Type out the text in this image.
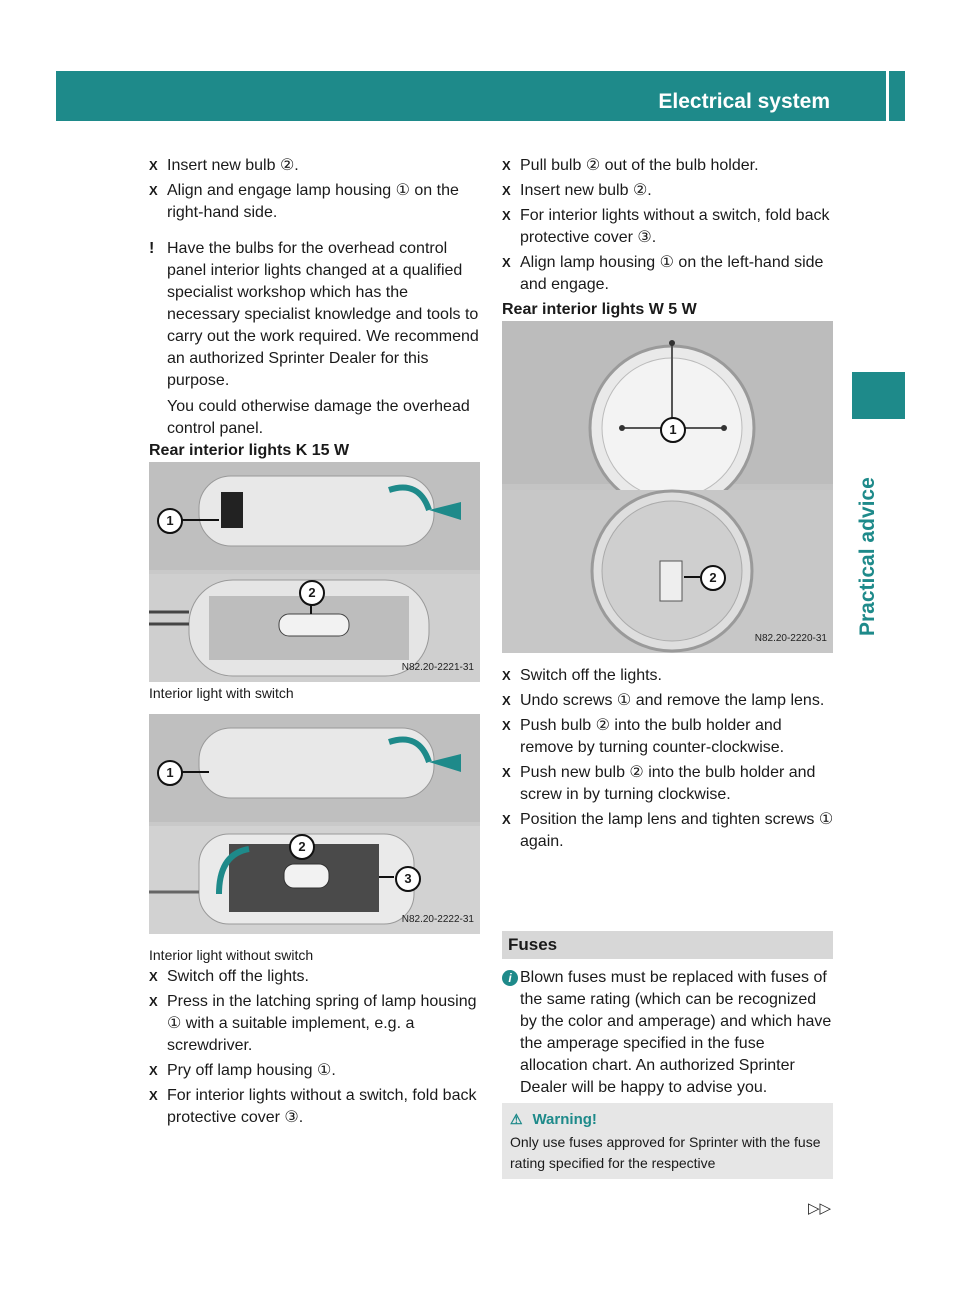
Electrical system	239
Practical advice
X Insert new bulb ②.
X Align and engage lamp housing ① on the right-hand side.
! Have the bulbs for the overhead control panel interior lights changed at a qualified specialist workshop which has the necessary specialist knowledge and tools to carry out the work required. We recommend an authorized Sprinter Dealer for this purpose.

You could otherwise damage the overhead control panel.

Rear interior lights K 15 W

1
2
N82.20-2221-31

Interior light with switch

1
2
3
N82.20-2222-31

Interior light without switch

X Switch off the lights.
X Press in the latching spring of lamp housing ① with a suitable implement, e.g. a screwdriver.
X Pry off lamp housing ①.
X For interior lights without a switch, fold back protective cover ③.
X Pull bulb ② out of the bulb holder.
X Insert new bulb ②.
X For interior lights without a switch, fold back protective cover ③.
X Align lamp housing ① on the left-hand side and engage.

Rear interior lights W 5 W

1
2
N82.20-2220-31
X Switch off the lights.
X Undo screws ① and remove the lamp lens.
X Push bulb ② into the bulb holder and remove by turning counter-clockwise.
X Push new bulb ② into the bulb holder and screw in by turning clockwise.
X Position the lamp lens and tighten screws ① again.
Fuses
i Blown fuses must be replaced with fuses of the same rating (which can be recognized by the color and amperage) and which have the amperage specified in the fuse allocation chart. An authorized Sprinter Dealer will be happy to advise you.

⚠ Warning!

Only use fuses approved for Sprinter with the fuse rating specified for the respective

▷▷
